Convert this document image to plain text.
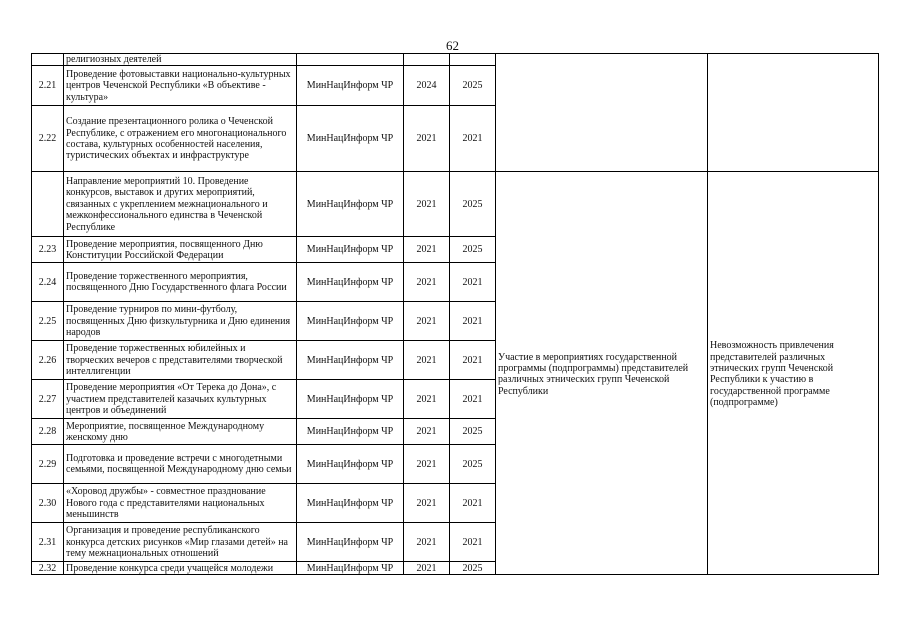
62
	религиозных деятелей					
2.21	Проведение фотовыставки национально-культурных центров Чеченской Республики «В объективе - культура»	МинНацИнформ ЧР	2024	2025		
2.22	Создание презентационного ролика о Чеченской Республике, с отражением его многонационального состава, культурных особенностей населения, туристических объектах и инфраструктуре	МинНацИнформ ЧР	2021	2021		
	Направление мероприятий 10. Проведение конкурсов, выставок и других мероприятий, связанных с укреплением межнационального и межконфессионального единства в Чеченской Республике	МинНацИнформ ЧР	2021	2025	Участие в мероприятиях государственной программы (подпрограммы) представителей различных этнических групп Чеченской Республики	Невозможность привлечения представителей различных этнических групп Чеченской Республики к участию в государственной программе (подпрограмме)
2.23	Проведение мероприятия, посвященного Дню Конституции Российской Федерации	МинНацИнформ ЧР	2021	2025		
2.24	Проведение торжественного мероприятия, посвященного Дню Государственного флага России	МинНацИнформ ЧР	2021	2021		
2.25	Проведение турниров по мини-футболу, посвященных Дню физкультурника и Дню единения народов	МинНацИнформ ЧР	2021	2021		
2.26	Проведение торжественных юбилейных и творческих вечеров с представителями творческой интеллигенции	МинНацИнформ ЧР	2021	2021		
2.27	Проведение мероприятия «От Терека до Дона», с участием представителей казачьих культурных центров и объединений	МинНацИнформ ЧР	2021	2021		
2.28	Мероприятие, посвященное Международному женскому дню	МинНацИнформ ЧР	2021	2025		
2.29	Подготовка и проведение встречи с многодетными семьями, посвященной Международному дню семьи	МинНацИнформ ЧР	2021	2025		
2.30	«Хоровод дружбы» - совместное празднование Нового года с представителями национальных меньшинств	МинНацИнформ ЧР	2021	2021		
2.31	Организация и проведение республиканского конкурса детских рисунков «Мир глазами детей» на тему межнациональных отношений	МинНацИнформ ЧР	2021	2021		
2.32	Проведение конкурса среди учащейся молодежи	МинНацИнформ ЧР	2021	2025		
